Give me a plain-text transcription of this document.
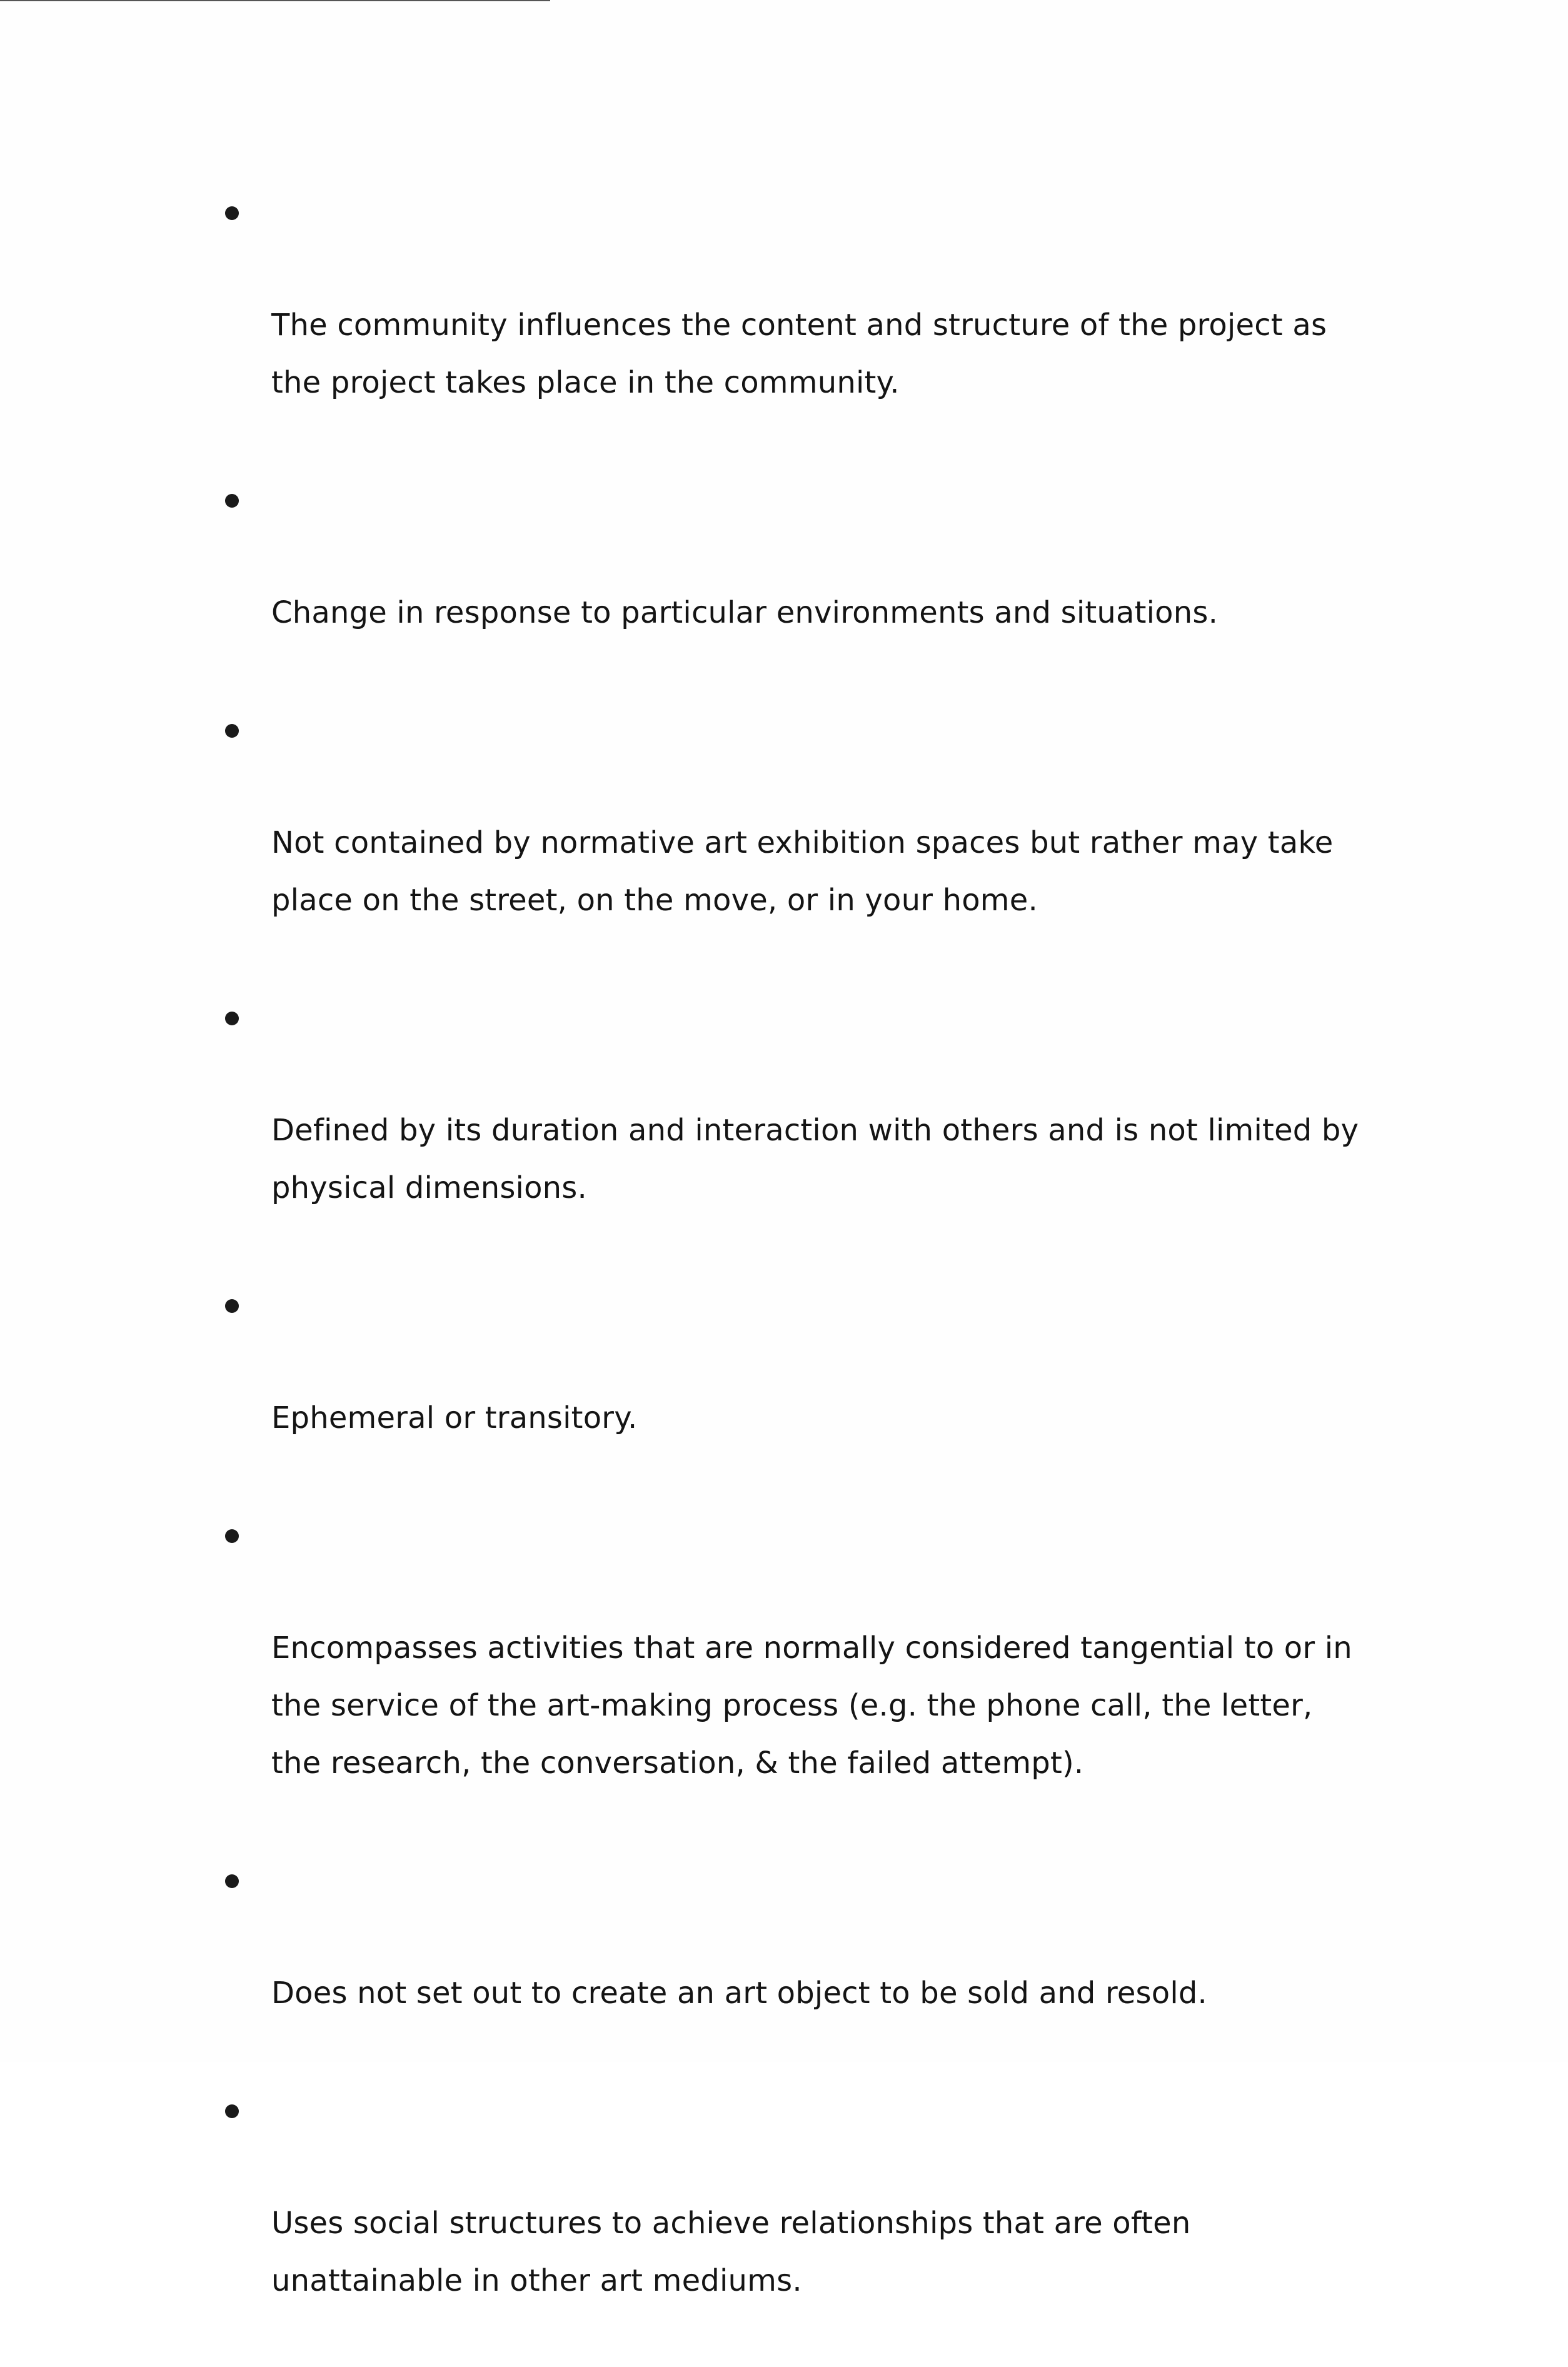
The community influences the content and structure of the project as
the project takes place in the community.

Change in response to particular environments and situations.

Not contained by normative art exhibition spaces but rather may take
place on the street, on the move, or in your home.

Defined by its duration and interaction with others and is not limited by
physical dimensions.

Ephemeral or transitory.

Encompasses activities that are normally considered tangential to or in
the service of the art-making process (e.g. the phone call, the letter,
the research, the conversation, & the failed attempt).

Does not set out to create an art object to be sold and resold.

Uses social structures to achieve relationships that are often
unattainable in other art mediums.
